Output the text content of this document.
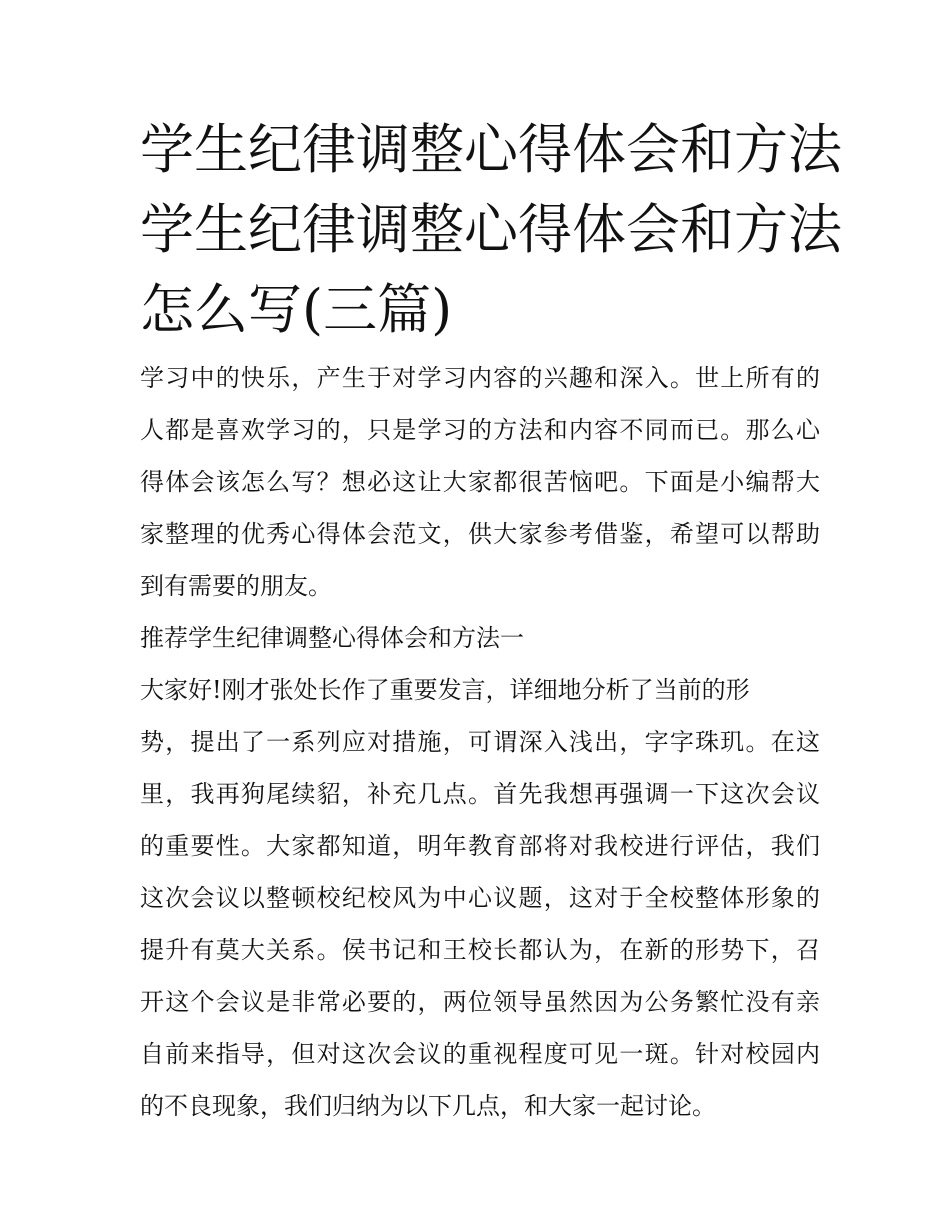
学生纪律调整心得体会和方法
学生纪律调整心得体会和方法
怎么写(三篇)
学习中的快乐，产生于对学习内容的兴趣和深入。世上所有的
人都是喜欢学习的，只是学习的方法和内容不同而已。那么心
得体会该怎么写？想必这让大家都很苦恼吧。下面是小编帮大
家整理的优秀心得体会范文，供大家参考借鉴，希望可以帮助
到有需要的朋友。
推荐学生纪律调整心得体会和方法一
大家好!刚才张处长作了重要发言，详细地分析了当前的形
势，提出了一系列应对措施，可谓深入浅出，字字珠玑。在这
里，我再狗尾续貂，补充几点。首先我想再强调一下这次会议
的重要性。大家都知道，明年教育部将对我校进行评估，我们
这次会议以整顿校纪校风为中心议题，这对于全校整体形象的
提升有莫大关系。侯书记和王校长都认为，在新的形势下，召
开这个会议是非常必要的，两位领导虽然因为公务繁忙没有亲
自前来指导，但对这次会议的重视程度可见一斑。针对校园内
的不良现象，我们归纳为以下几点，和大家一起讨论。
